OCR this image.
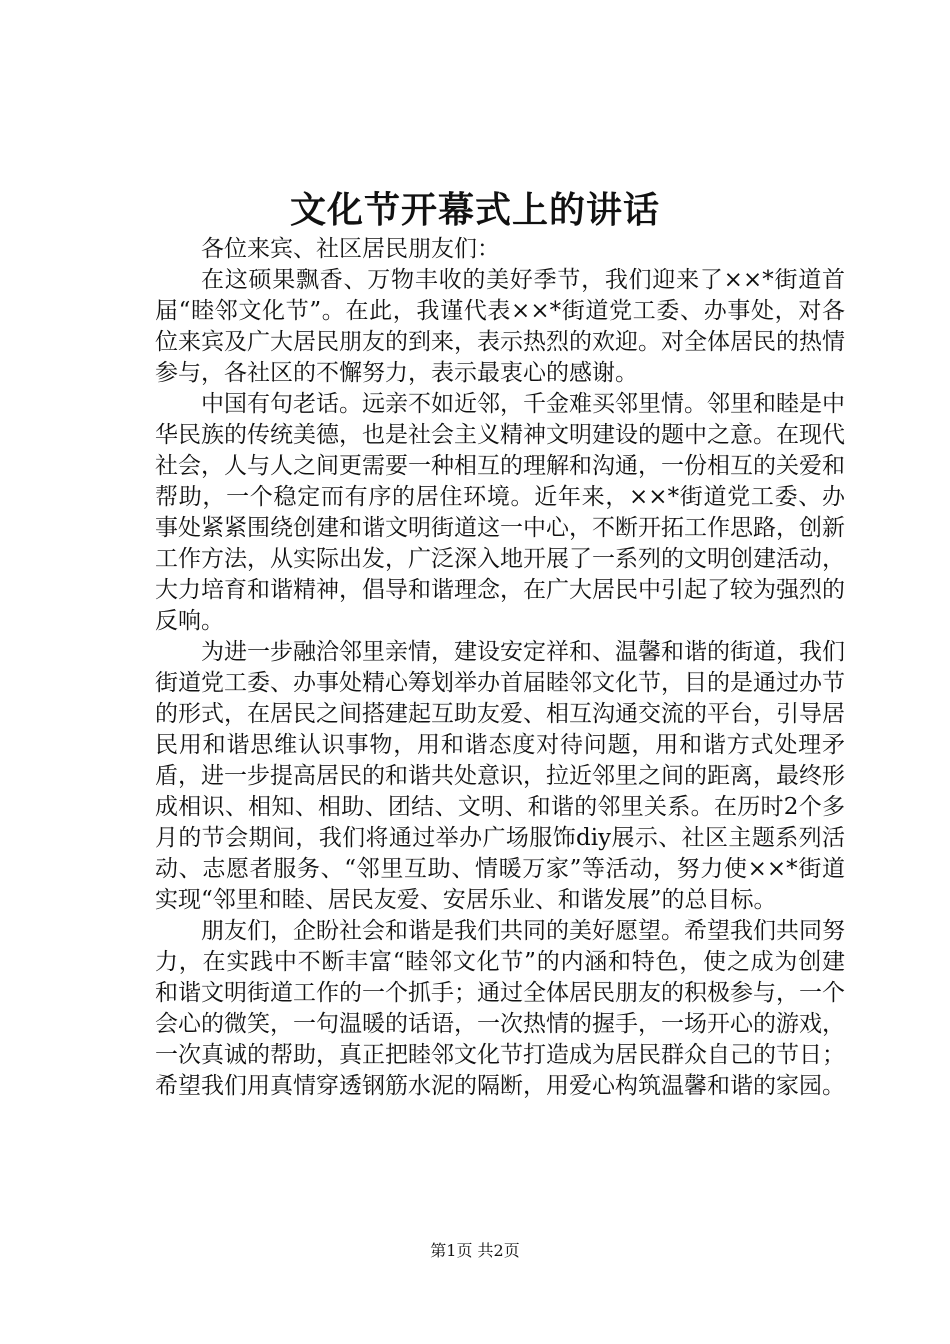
文化节开幕式上的讲话

各位来宾、社区居民朋友们：

在这硕果飘香、万物丰收的美好季节，我们迎来了××*街道首届“睦邻文化节”。在此，我谨代表××*街道党工委、办事处，对各位来宾及广大居民朋友的到来，表示热烈的欢迎。对全体居民的热情参与，各社区的不懈努力，表示最衷心的感谢。

中国有句老话。远亲不如近邻，千金难买邻里情。邻里和睦是中华民族的传统美德，也是社会主义精神文明建设的题中之意。在现代社会，人与人之间更需要一种相互的理解和沟通，一份相互的关爱和帮助，一个稳定而有序的居住环境。近年来，××*街道党工委、办事处紧紧围绕创建和谐文明街道这一中心，不断开拓工作思路，创新工作方法，从实际出发，广泛深入地开展了一系列的文明创建活动，大力培育和谐精神，倡导和谐理念，在广大居民中引起了较为强烈的反响。

为进一步融洽邻里亲情，建设安定祥和、温馨和谐的街道，我们街道党工委、办事处精心筹划举办首届睦邻文化节，目的是通过办节的形式，在居民之间搭建起互助友爱、相互沟通交流的平台，引导居民用和谐思维认识事物，用和谐态度对待问题，用和谐方式处理矛盾，进一步提高居民的和谐共处意识，拉近邻里之间的距离，最终形成相识、相知、相助、团结、文明、和谐的邻里关系。在历时2个多月的节会期间，我们将通过举办广场服饰diy展示、社区主题系列活动、志愿者服务、“邻里互助、情暖万家”等活动，努力使××*街道实现“邻里和睦、居民友爱、安居乐业、和谐发展”的总目标。

朋友们，企盼社会和谐是我们共同的美好愿望。希望我们共同努力，在实践中不断丰富“睦邻文化节”的内涵和特色，使之成为创建和谐文明街道工作的一个抓手；通过全体居民朋友的积极参与，一个会心的微笑，一句温暖的话语，一次热情的握手，一场开心的游戏，一次真诚的帮助，真正把睦邻文化节打造成为居民群众自己的节日；希望我们用真情穿透钢筋水泥的隔断，用爱心构筑温馨和谐的家园。

第1页 共2页
